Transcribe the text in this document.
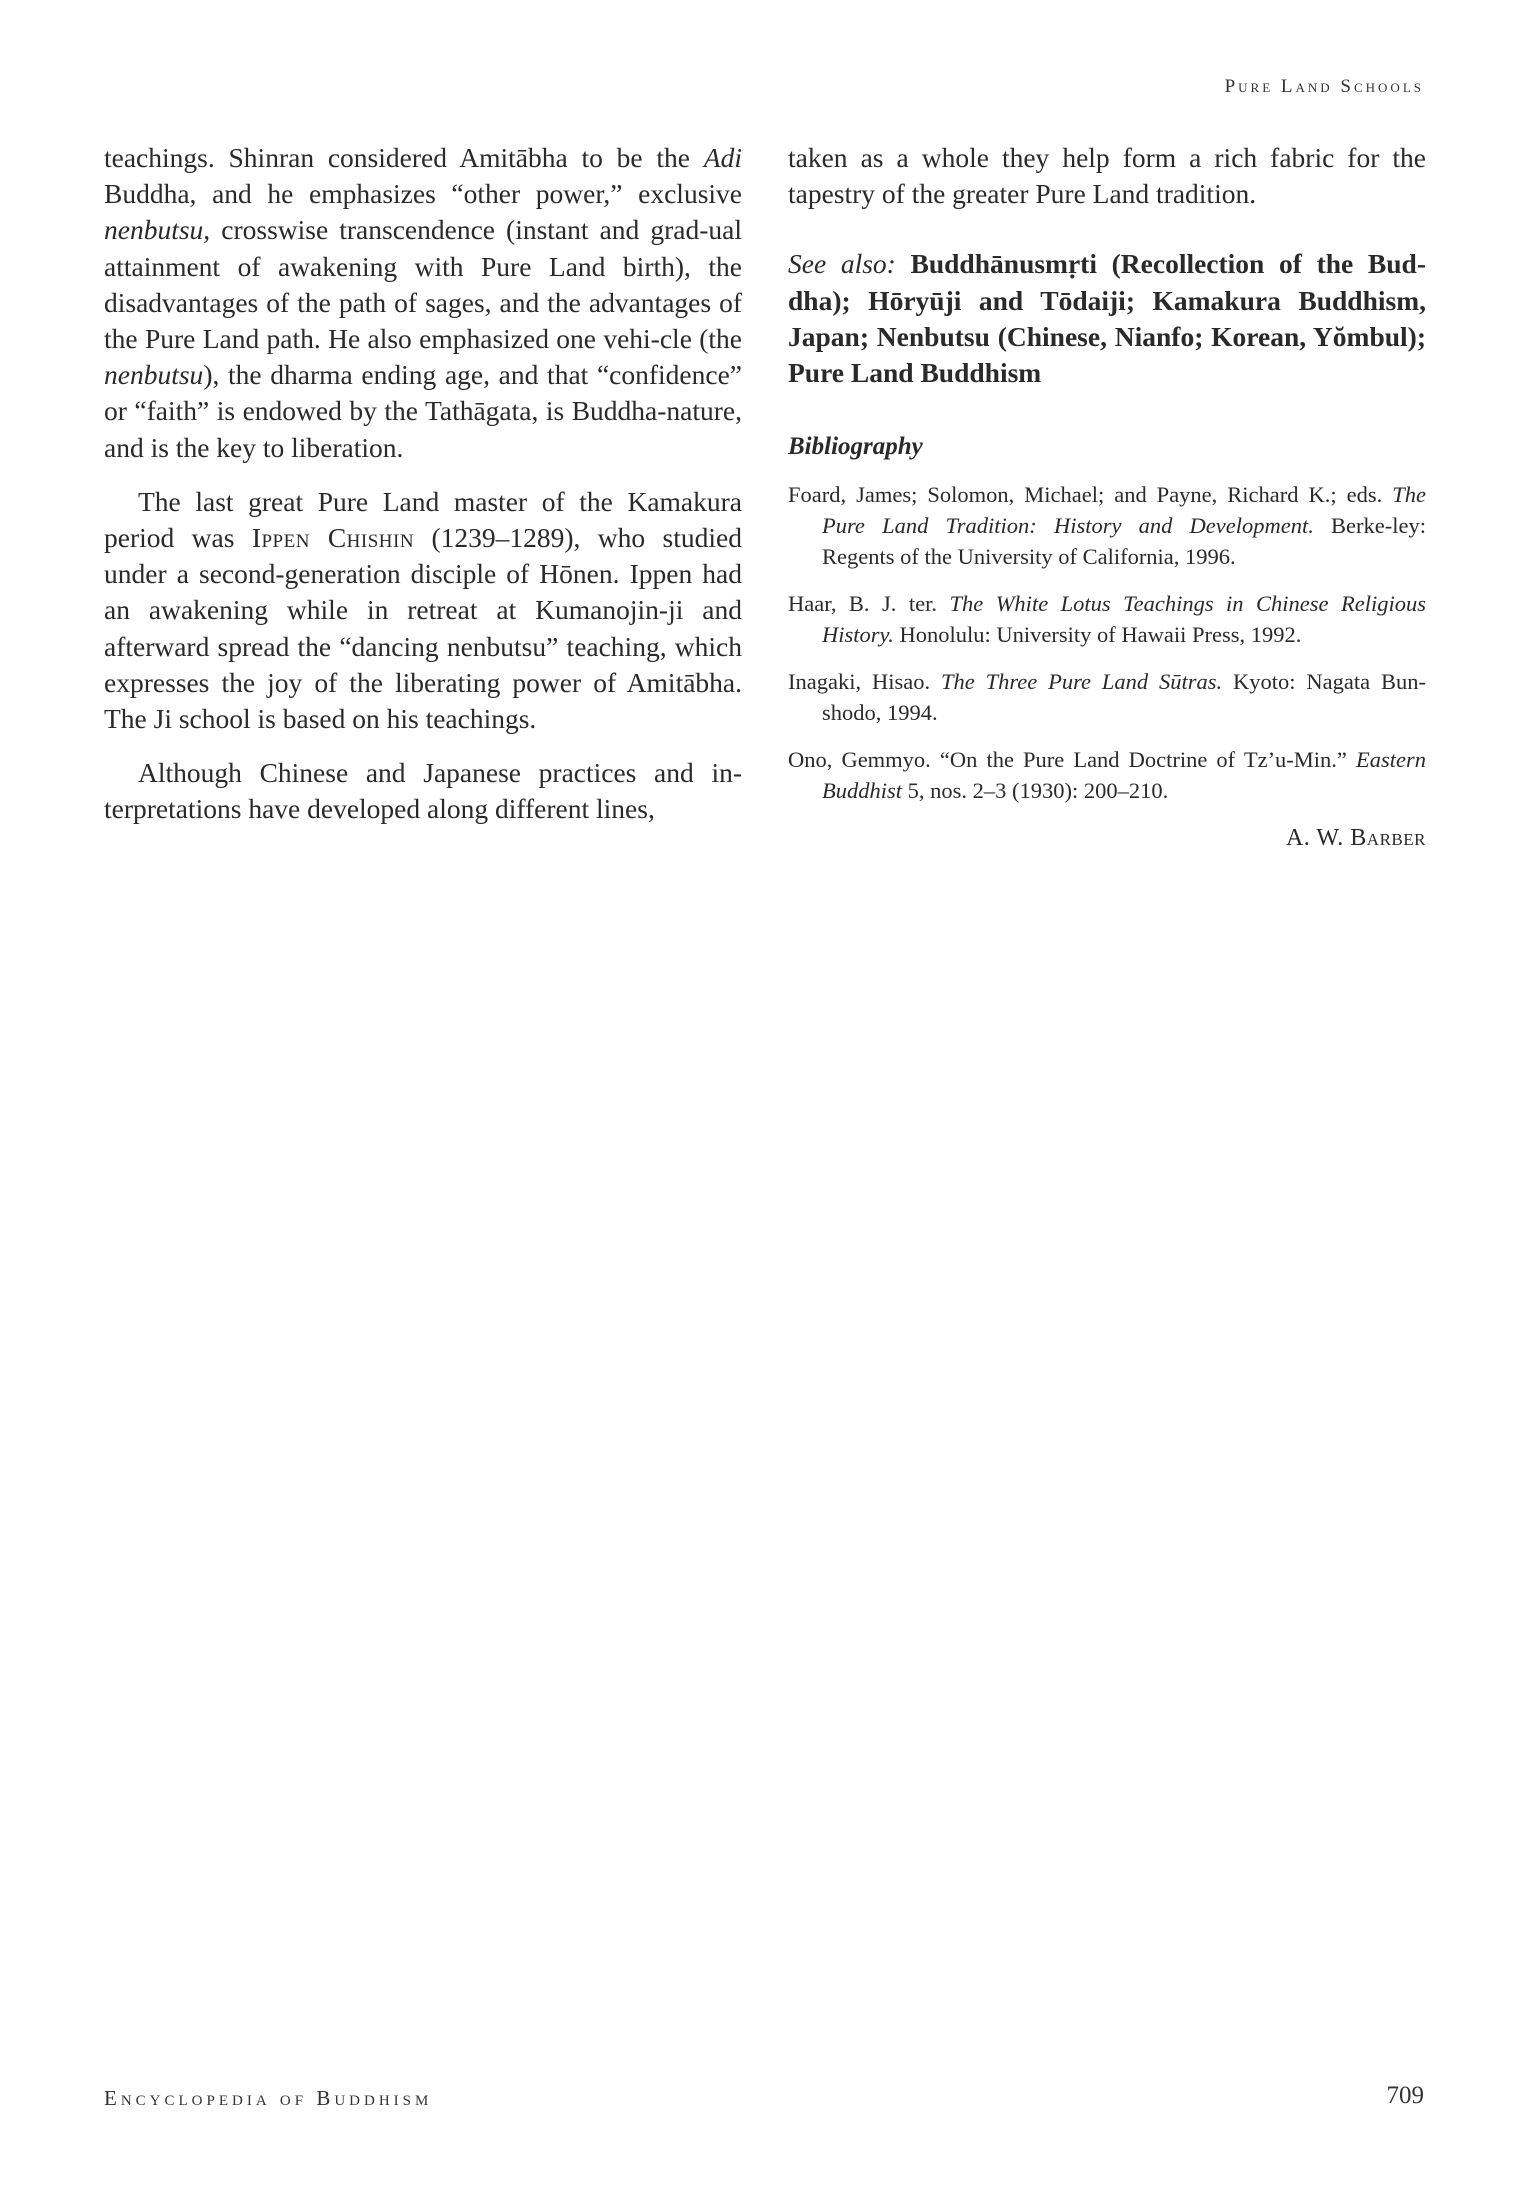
Pure Land Schools

teachings. Shinran considered Amitābha to be the Adi Buddha, and he emphasizes “other power,” exclusive nenbutsu, crosswise transcendence (instant and grad-ual attainment of awakening with Pure Land birth), the disadvantages of the path of sages, and the advantages of the Pure Land path. He also emphasized one vehi-cle (the nenbutsu), the dharma ending age, and that “confidence” or “faith” is endowed by the Tathāgata, is Buddha-nature, and is the key to liberation.

The last great Pure Land master of the Kamakura period was Ippen Chishin (1239–1289), who studied under a second-generation disciple of Hōnen. Ippen had an awakening while in retreat at Kumanojin-ji and afterward spread the “dancing nenbutsu” teaching, which expresses the joy of the liberating power of Amitābha. The Ji school is based on his teachings.

Although Chinese and Japanese practices and in-terpretations have developed along different lines,

taken as a whole they help form a rich fabric for the tapestry of the greater Pure Land tradition.

See also: Buddhānusmṛti (Recollection of the Bud-dha); Hōryūji and Tōdaiji; Kamakura Buddhism, Japan; Nenbutsu (Chinese, Nianfo; Korean, Yŏmbul); Pure Land Buddhism
Bibliography
Foard, James; Solomon, Michael; and Payne, Richard K.; eds. The Pure Land Tradition: History and Development. Berke-ley: Regents of the University of California, 1996.
Haar, B. J. ter. The White Lotus Teachings in Chinese Religious History. Honolulu: University of Hawaii Press, 1992.
Inagaki, Hisao. The Three Pure Land Sūtras. Kyoto: Nagata Bun-shodo, 1994.
Ono, Gemmyo. “On the Pure Land Doctrine of Tz’u-Min.” Eastern Buddhist 5, nos. 2–3 (1930): 200–210.
A. W. Barber
Encyclopedia of Buddhism	709
